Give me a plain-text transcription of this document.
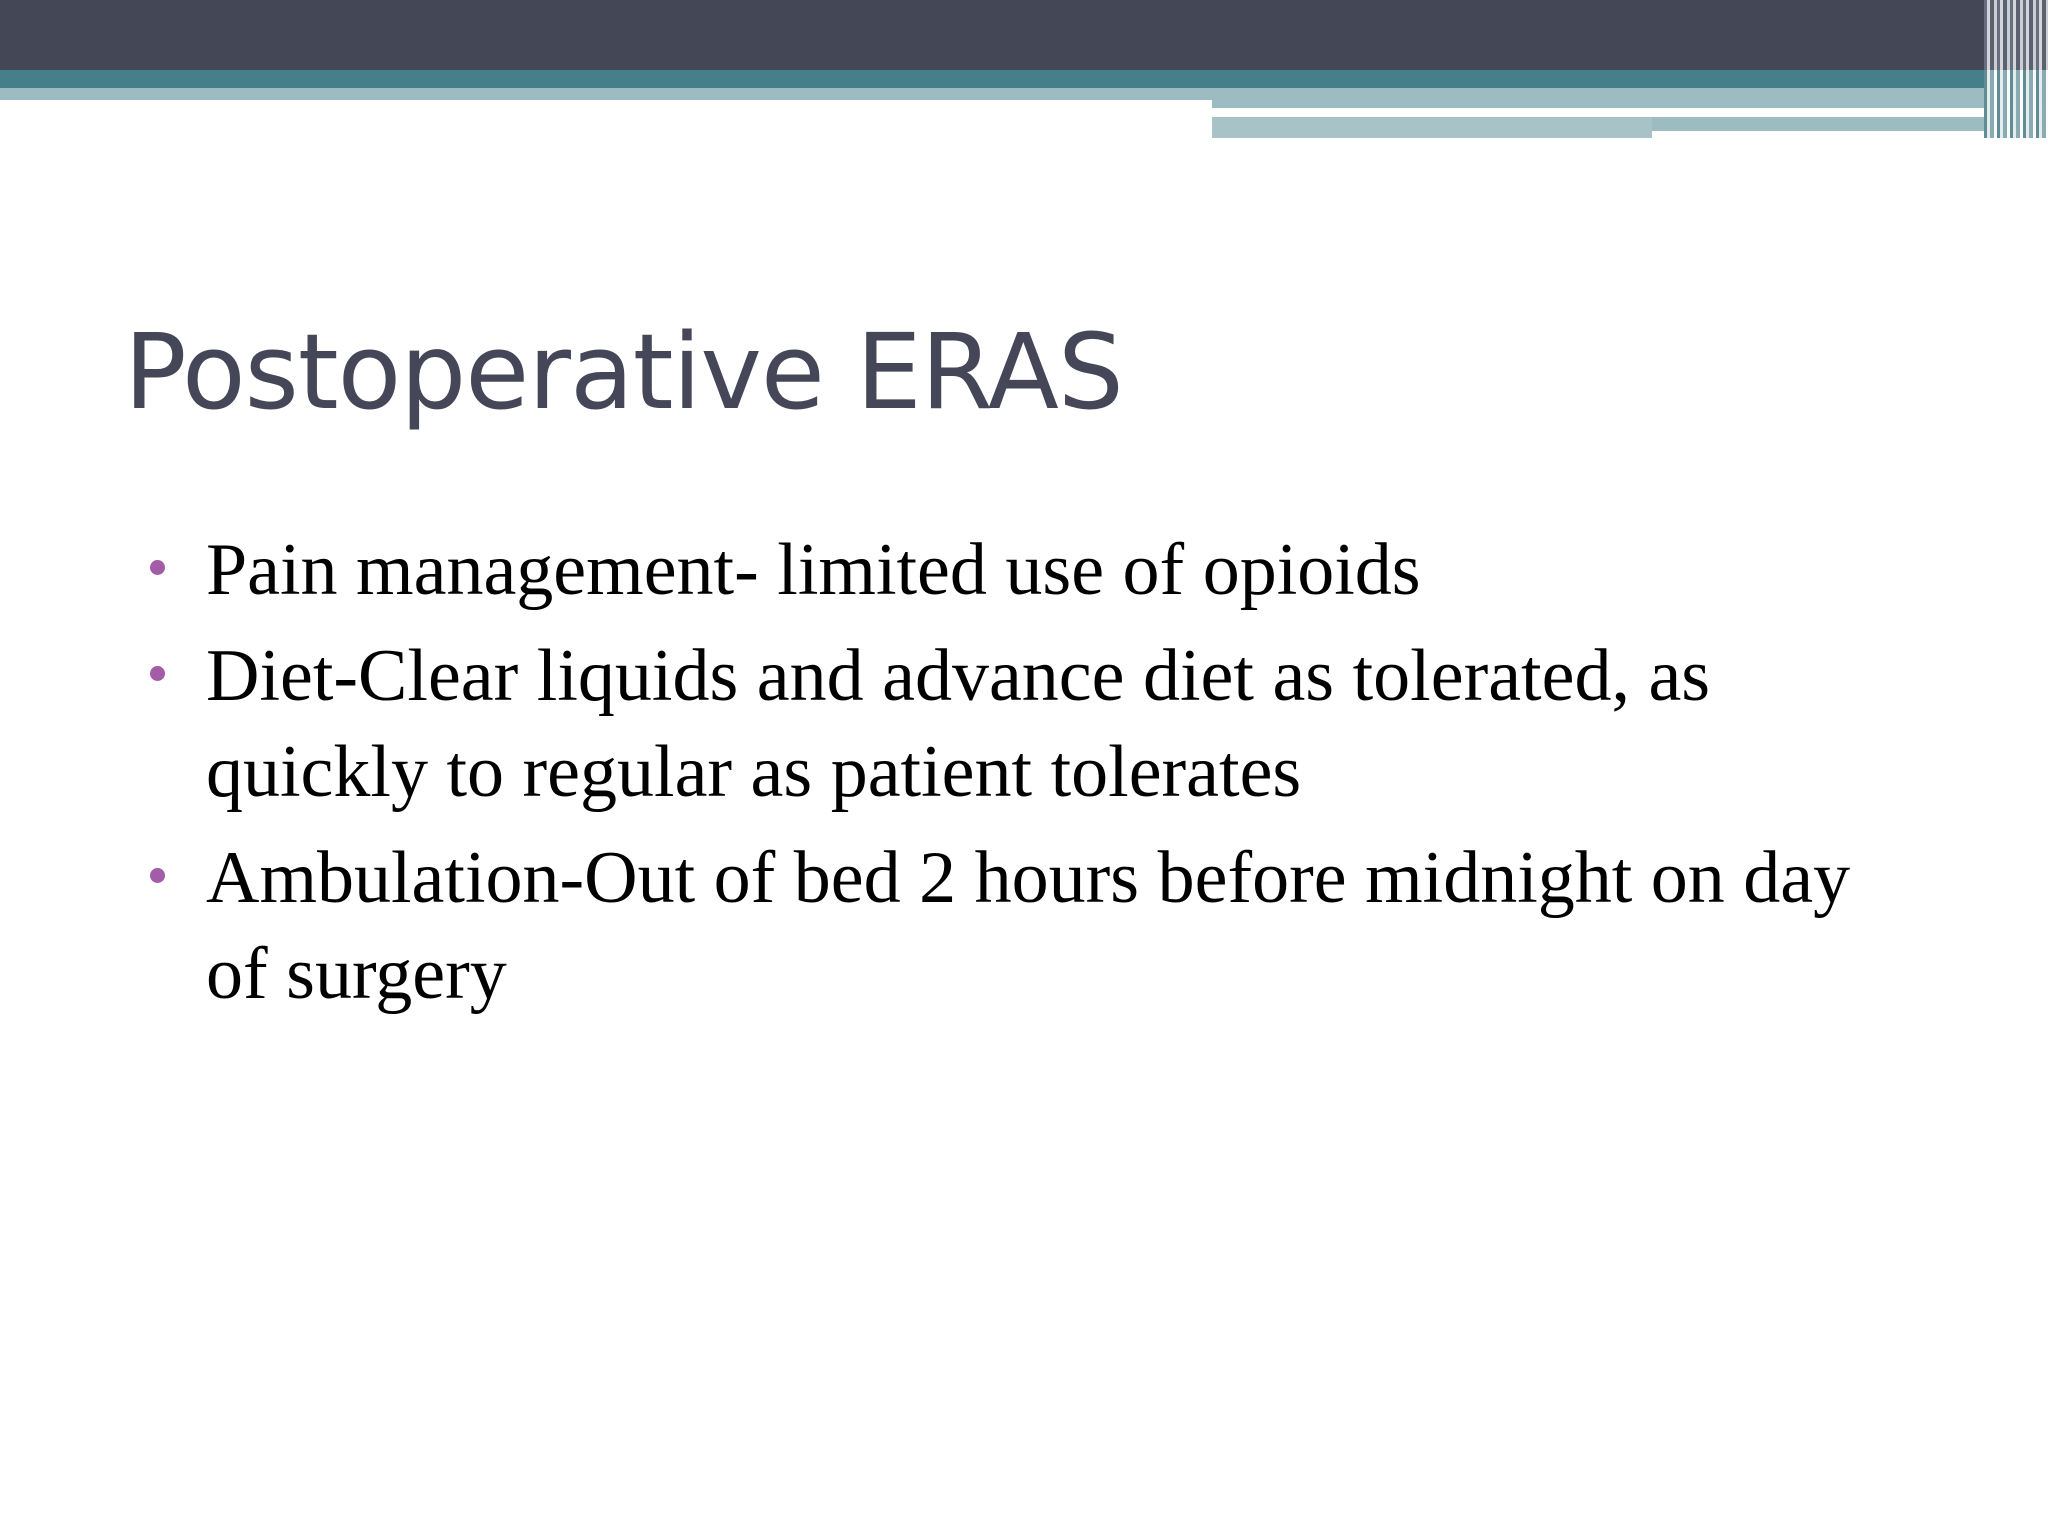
Postoperative ERAS
Pain management- limited use of opioids
Diet-Clear liquids and advance diet as tolerated, as quickly to regular as patient tolerates
Ambulation-Out of bed 2 hours before midnight on day of surgery
